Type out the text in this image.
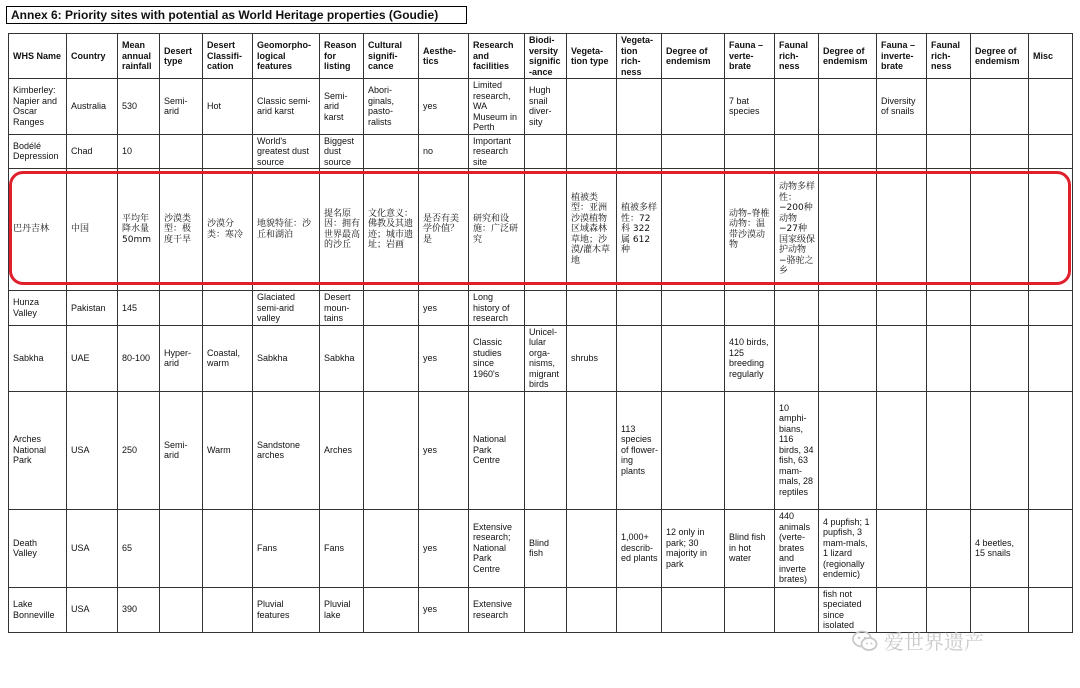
Annex 6: Priority sites with potential as World Heritage properties (Goudie)
WHS Name	Country	Mean annual rainfall	Desert type	Desert Classifi-cation	Geomorpho-logical features	Reason for listing	Cultural signifi-cance	Aesthe-tics	Research and facilities	Biodi-versity signific-ance	Vegeta-tion type	Vegeta-tion rich-ness	Degree of endemism	Fauna – verte-brate	Faunal rich-ness	Degree of endemism	Fauna – inverte-brate	Faunal rich-ness	Degree of endemism	Misc
Kimberley: Napier and Oscar Ranges	Australia	530	Semi-arid	Hot	Classic semi-arid karst	Semi-arid karst	Abori-ginals, pasto-ralists	yes	Limited research, WA Museum in Perth	Hugh snail diver-sity				7 bat species			Diversity of snails			
Bodélé Depression	Chad	10			World's greatest dust source	Biggest dust source		no	Important research site											
巴丹吉林	中国	平均年降水量50mm	沙漠类型：极度干旱	沙漠分类：寒冷	地貌特征：沙丘和湖泊	提名原因：拥有世界最高的沙丘	文化意义：佛教及其遗迹；城市遗址；岩画	是否有美学价值？是	研究和设施：广泛研究		植被类型：亚洲沙漠植物区域森林草地；沙漠/灌木草地	植被多样性：72科 322属 612种		动物–脊椎动物：温带沙漠动物	动物多样性：−200种动物 −27种国家级保护动物 −骆驼之乡					
Hunza Valley	Pakistan	145			Glaciated semi-arid valley	Desert moun-tains		yes	Long history of research											
Sabkha	UAE	80-100	Hyper-arid	Coastal, warm	Sabkha	Sabkha		yes	Classic studies since 1960's	Unicel-lular orga-nisms, migrant birds	shrubs			410 birds, 125 breeding regularly						
Arches National Park	USA	250	Semi-arid	Warm	Sandstone arches	Arches		yes	National Park Centre			113 species of flower-ing plants			10 amphi-bians, 116 birds, 34 fish, 63 mam-mals, 28 reptiles					
Death Valley	USA	65			Fans	Fans		yes	Extensive research; National Park Centre	Blind fish		1,000+ describ-ed plants	12 only in park; 30 majority in park	Blind fish in hot water	440 animals (verte-brates and inverte brates)	4 pupfish; 1 pupfish, 3 mam-mals, 1 lizard (regionally endemic)			4 beetles, 15 snails	
Lake Bonneville	USA	390			Pluvial features	Pluvial lake		yes	Extensive research							fish not speciated since isolated				
爱世界遗产
